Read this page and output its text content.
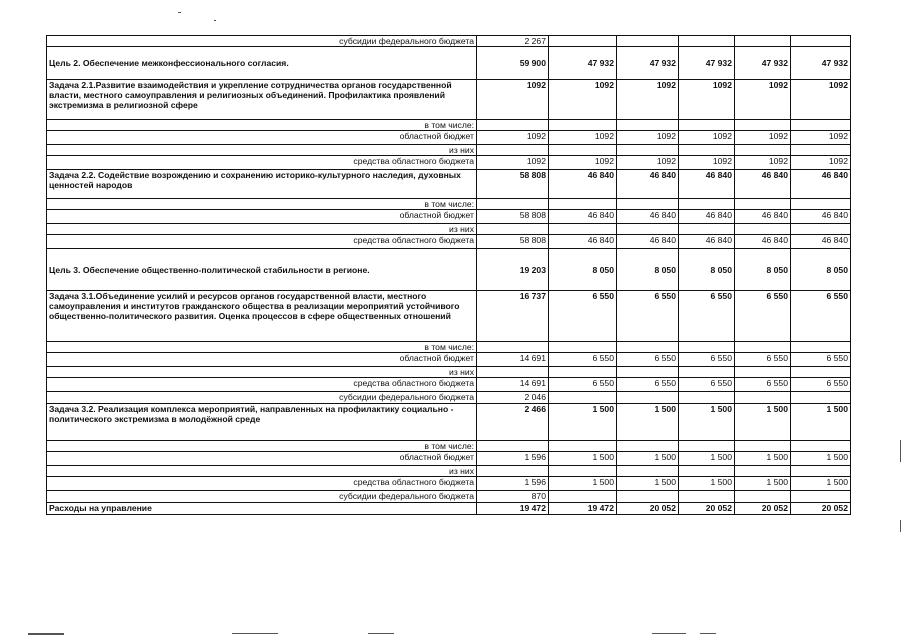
субсидии федерального бюджета	2 267					
Цель 2. Обеспечение межконфессионального согласия.	59 900	47 932	47 932	47 932	47 932	47 932
Задача 2.1.Развитие взаимодействия и укрепление сотрудничества органов государственной власти, местного самоуправления и религиозных объединений. Профилактика проявлений экстремизма в религиозной сфере	1092	1092	1092	1092	1092	1092
в том числе:						
областной бюджет	1092	1092	1092	1092	1092	1092
из них						
средства областного бюджета	1092	1092	1092	1092	1092	1092
Задача 2.2. Содействие возрождению и сохранению историко-культурного наследия, духовных ценностей народов	58 808	46 840	46 840	46 840	46 840	46 840
в том числе:						
областной бюджет	58 808	46 840	46 840	46 840	46 840	46 840
из них						
средства областного бюджета	58 808	46 840	46 840	46 840	46 840	46 840
Цель 3. Обеспечение общественно-политической стабильности в регионе.	19 203	8 050	8 050	8 050	8 050	8 050
Задача 3.1.Объединение усилий и ресурсов органов государственной власти, местного самоуправления и институтов гражданского общества в реализации мероприятий устойчивого общественно-политического развития. Оценка процессов в сфере общественных отношений	16 737	6 550	6 550	6 550	6 550	6 550
в том числе:						
областной бюджет	14 691	6 550	6 550	6 550	6 550	6 550
из них						
средства областного бюджета	14 691	6 550	6 550	6 550	6 550	6 550
субсидии федерального бюджета	2 046					
Задача 3.2. Реализация комплекса мероприятий, направленных на профилактику социально - политического экстремизма в молодёжной среде	2 466	1 500	1 500	1 500	1 500	1 500
в том числе:						
областной бюджет	1 596	1 500	1 500	1 500	1 500	1 500
из них						
средства областного бюджета	1 596	1 500	1 500	1 500	1 500	1 500
субсидии федерального бюджета	870					
Расходы на управление	19 472	19 472	20 052	20 052	20 052	20 052
